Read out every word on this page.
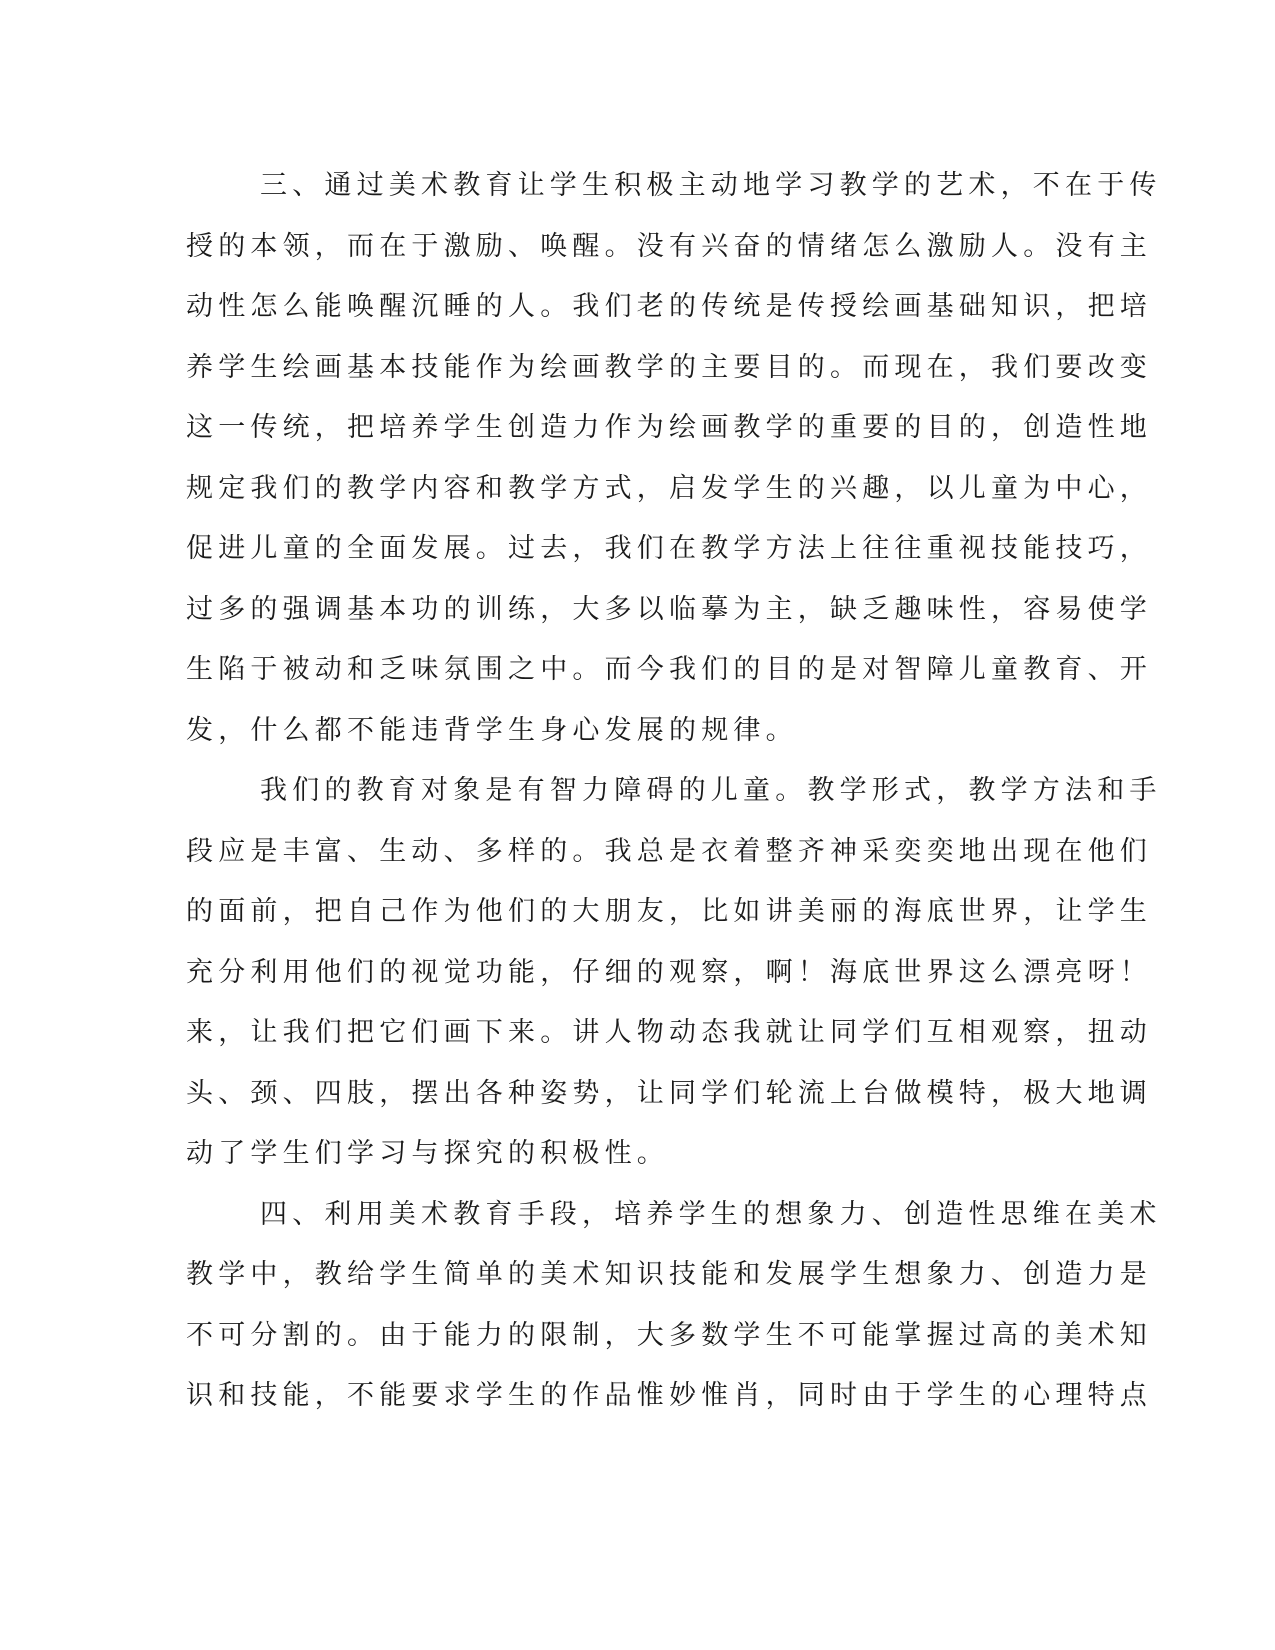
三、通过美术教育让学生积极主动地学习教学的艺术，不在于传
授的本领，而在于激励、唤醒。没有兴奋的情绪怎么激励人。没有主
动性怎么能唤醒沉睡的人。我们老的传统是传授绘画基础知识，把培
养学生绘画基本技能作为绘画教学的主要目的。而现在，我们要改变
这一传统，把培养学生创造力作为绘画教学的重要的目的，创造性地
规定我们的教学内容和教学方式，启发学生的兴趣，以儿童为中心，
促进儿童的全面发展。过去，我们在教学方法上往往重视技能技巧，
过多的强调基本功的训练，大多以临摹为主，缺乏趣味性，容易使学
生陷于被动和乏味氛围之中。而今我们的目的是对智障儿童教育、开
发，什么都不能违背学生身心发展的规律。
我们的教育对象是有智力障碍的儿童。教学形式，教学方法和手
段应是丰富、生动、多样的。我总是衣着整齐神采奕奕地出现在他们
的面前，把自己作为他们的大朋友，比如讲美丽的海底世界，让学生
充分利用他们的视觉功能，仔细的观察，啊！海底世界这么漂亮呀！
来，让我们把它们画下来。讲人物动态我就让同学们互相观察，扭动
头、颈、四肢，摆出各种姿势，让同学们轮流上台做模特，极大地调
动了学生们学习与探究的积极性。
四、利用美术教育手段，培养学生的想象力、创造性思维在美术
教学中，教给学生简单的美术知识技能和发展学生想象力、创造力是
不可分割的。由于能力的限制，大多数学生不可能掌握过高的美术知
识和技能，不能要求学生的作品惟妙惟肖，同时由于学生的心理特点
